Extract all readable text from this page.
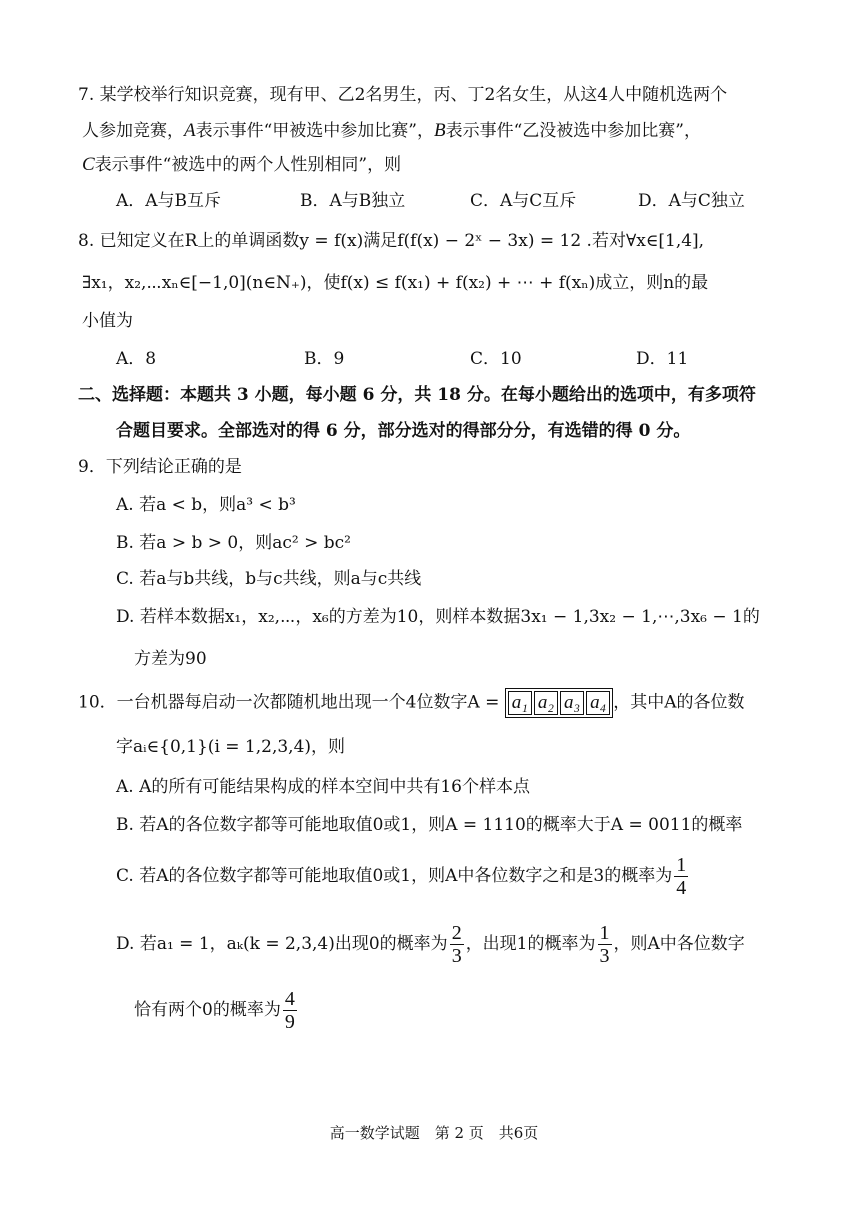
7. 某学校举行知识竞赛，现有甲、乙2名男生，丙、丁2名女生，从这4人中随机选两个
人参加竞赛，A表示事件“甲被选中参加比赛”，B表示事件“乙没被选中参加比赛”，
C表示事件“被选中的两个人性别相同”，则
A．A与B互斥	B．A与B独立	C．A与C互斥	D．A与C独立
8. 已知定义在R上的单调函数y = f(x)满足f(f(x) − 2ˣ − 3x) = 12 .若对∀x∈[1,4],
∃x₁，x₂,⋯xₙ∈[−1,0](n∈N₊)，使f(x) ≤ f(x₁) + f(x₂) + ⋯ + f(xₙ)成立，则n的最
小值为
A．8	B．9	C．10	D．11
二、选择题：本题共 3 小题，每小题 6 分，共 18 分。在每小题给出的选项中，有多项符
合题目要求。全部选对的得 6 分，部分选对的得部分分，有选错的得 0 分。
9．下列结论正确的是
A. 若a < b，则a³ < b³
B. 若a > b > 0，则ac² > bc²
C. 若a与b共线，b与c共线，则a与c共线
D. 若样本数据x₁，x₂,⋯，x₆的方差为10，则样本数据3x₁ − 1,3x₂ − 1,⋯,3x₆ − 1的
方差为90
10．一台机器每启动一次都随机地出现一个4位数字A = a₁ a₂ a₃ a₄ ，其中A的各位数
字aᵢ∈{0,1}(i = 1,2,3,4)，则
A. A的所有可能结果构成的样本空间中共有16个样本点
B. 若A的各位数字都等可能地取值0或1，则A = 1110的概率大于A = 0011的概率
C. 若A的各位数字都等可能地取值0或1，则A中各位数字之和是3的概率为 $\frac{1}{4}$
D. 若a₁ = 1，aₖ(k = 2,3,4)出现0的概率为 $\frac{2}{3}$ ，出现1的概率为 $\frac{1}{3}$ ，则A中各位数字
恰有两个0的概率为 $\frac{4}{9}$
高一数学试题　第 2 页　共6页
